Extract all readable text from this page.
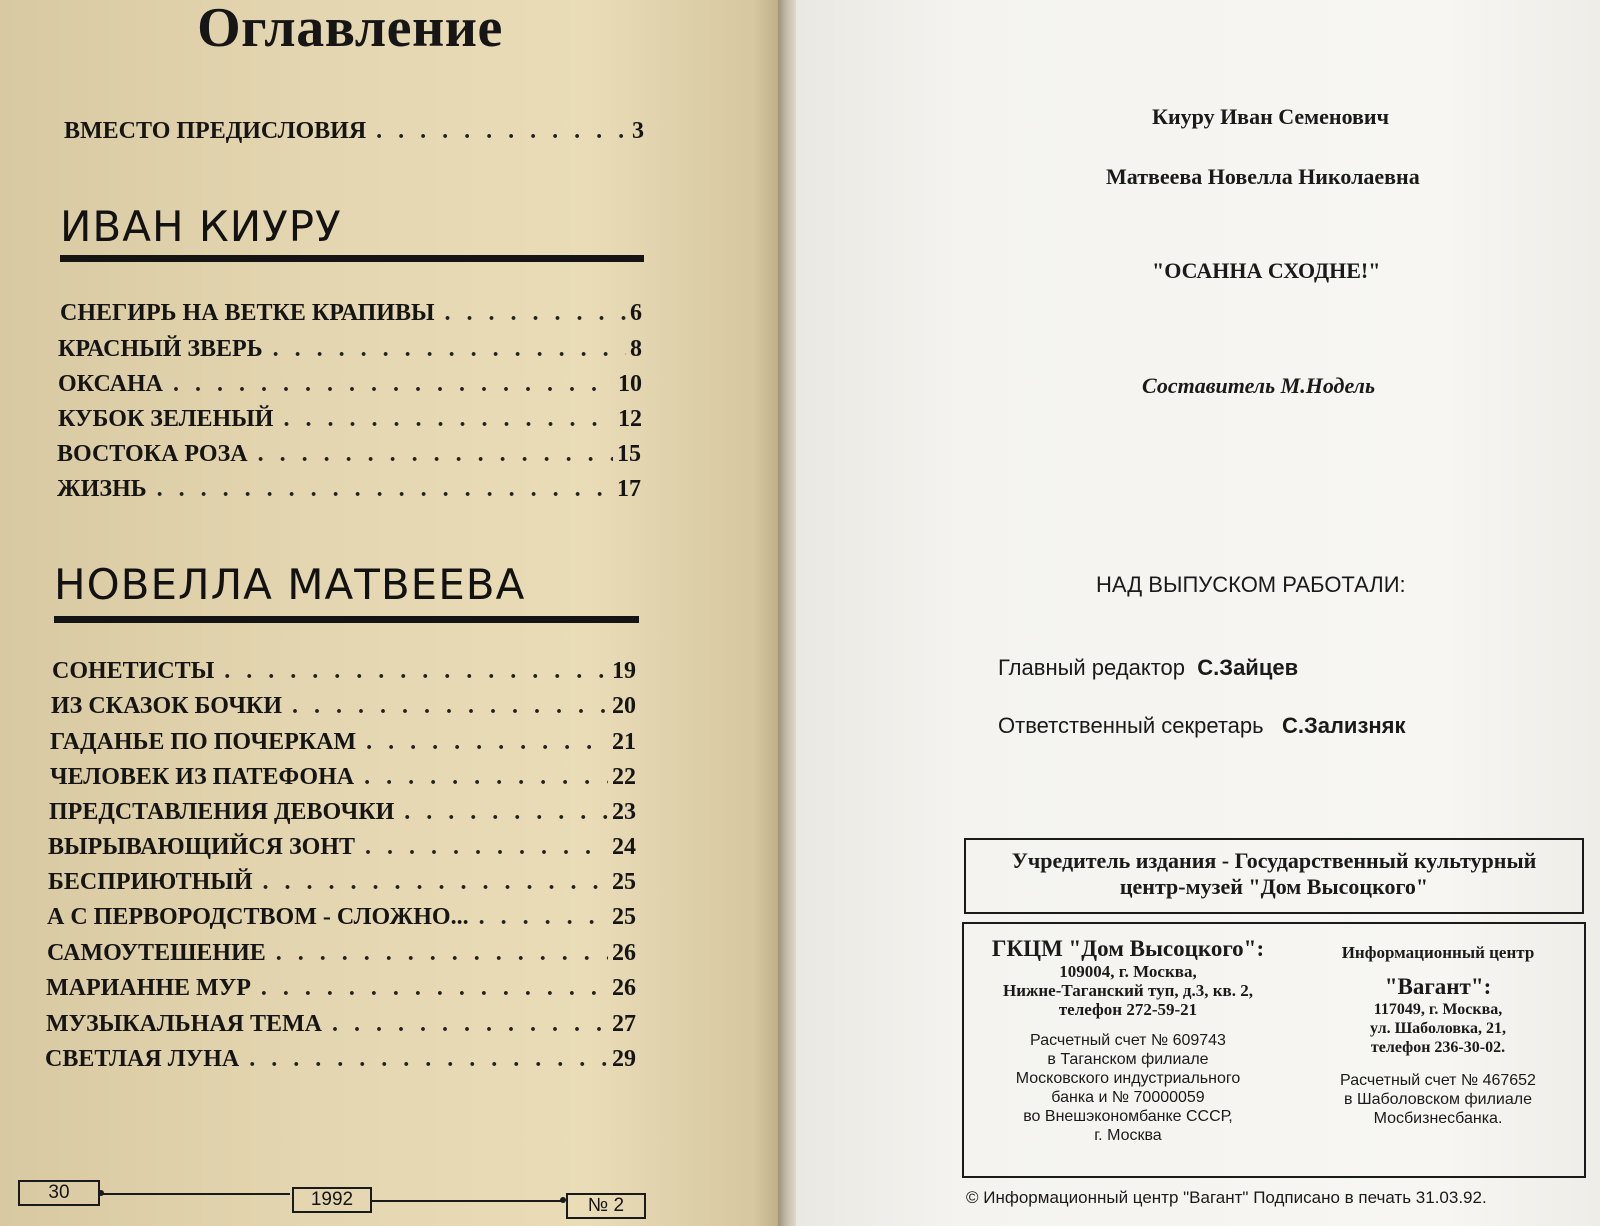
Оглавление
ВМЕСТО ПРЕДИСЛОВИЯ . . .	3
ИВАН КИУРУ
СНЕГИРЬ НА ВЕТКЕ КРАПИВЫ . . .	6
КРАСНЫЙ ЗВЕРЬ . . .	8
ОКСАНА . . .	10
КУБОК ЗЕЛЕНЫЙ . . .	12
ВОСТОКА РОЗА . . .	15
ЖИЗНЬ . . .	17
НОВЕЛЛА МАТВЕЕВА
СОНЕТИСТЫ . . .	19
ИЗ СКАЗОК БОЧКИ . . .	20
ГАДАНЬЕ ПО ПОЧЕРКАМ . . .	21
ЧЕЛОВЕК ИЗ ПАТЕФОНА . . .	22
ПРЕДСТАВЛЕНИЯ ДЕВОЧКИ . . .	23
ВЫРЫВАЮЩИЙСЯ ЗОНТ . . .	24
БЕСПРИЮТНЫЙ . . .	25
А С ПЕРВОРОДСТВОМ - СЛОЖНО... . . .	25
САМОУТЕШЕНИЕ . . .	26
МАРИАННЕ МУР . . .	26
МУЗЫКАЛЬНАЯ ТЕМА . . .	27
СВЕТЛАЯ ЛУНА . . .	29
30	1992	№ 2
Киуру Иван Семенович
Матвеева Новелла Николаевна
"ОСАННА СХОДНЕ!"
Составитель М.Нодель
НАД ВЫПУСКОМ РАБОТАЛИ:
Главный редактор С.Зайцев
Ответственный секретарь С.Зализняк
Учредитель издания - Государственный культурный
центр-музей "Дом Высоцкого"
ГКЦМ "Дом Высоцкого":
109004, г. Москва,
Нижне-Таганский туп, д.3, кв. 2,
телефон 272-59-21
Расчетный счет № 609743
в Таганском филиале
Московского индустриального
банка и № 70000059
во Внешэкономбанке СССР,
г. Москва
Информационный центр
"Вагант":
117049, г. Москва,
ул. Шаболовка, 21,
телефон 236-30-02.
Расчетный счет № 467652
в Шаболовском филиале
Мосбизнесбанка.
© Информационный центр "Вагант" Подписано в печать 31.03.92.
